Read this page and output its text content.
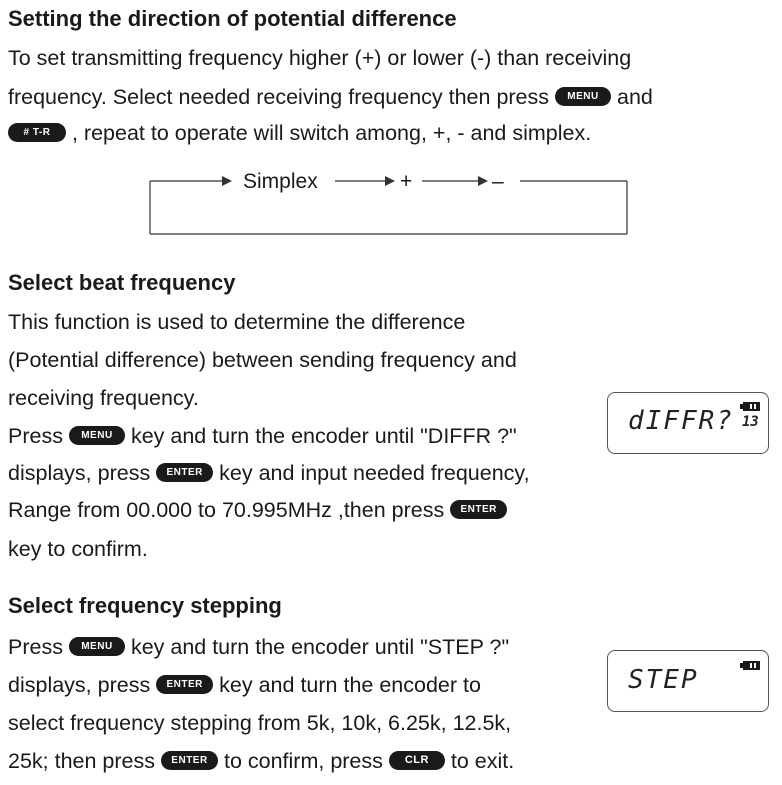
Setting the direction of potential difference
To set transmitting frequency higher (+) or lower (-) than receiving
frequency. Select needed receiving frequency then press MENU and
# T-R , repeat to operate will switch among, +, - and simplex.
Simplex	+	–
Select beat frequency
This function is used to determine the difference
(Potential difference) between sending frequency and
receiving frequency.
Press MENU key and turn the encoder until "DIFFR ?"
displays, press ENTER key and input needed frequency,
Range from 00.000 to 70.995MHz ,then press ENTER
key to confirm.
dIFFR? 13
Select frequency stepping
Press MENU key and turn the encoder until "STEP ?"
displays, press ENTER key and turn the encoder to
select frequency stepping from 5k, 10k, 6.25k, 12.5k,
25k; then press ENTER to confirm, press CLR to exit.
STEP
